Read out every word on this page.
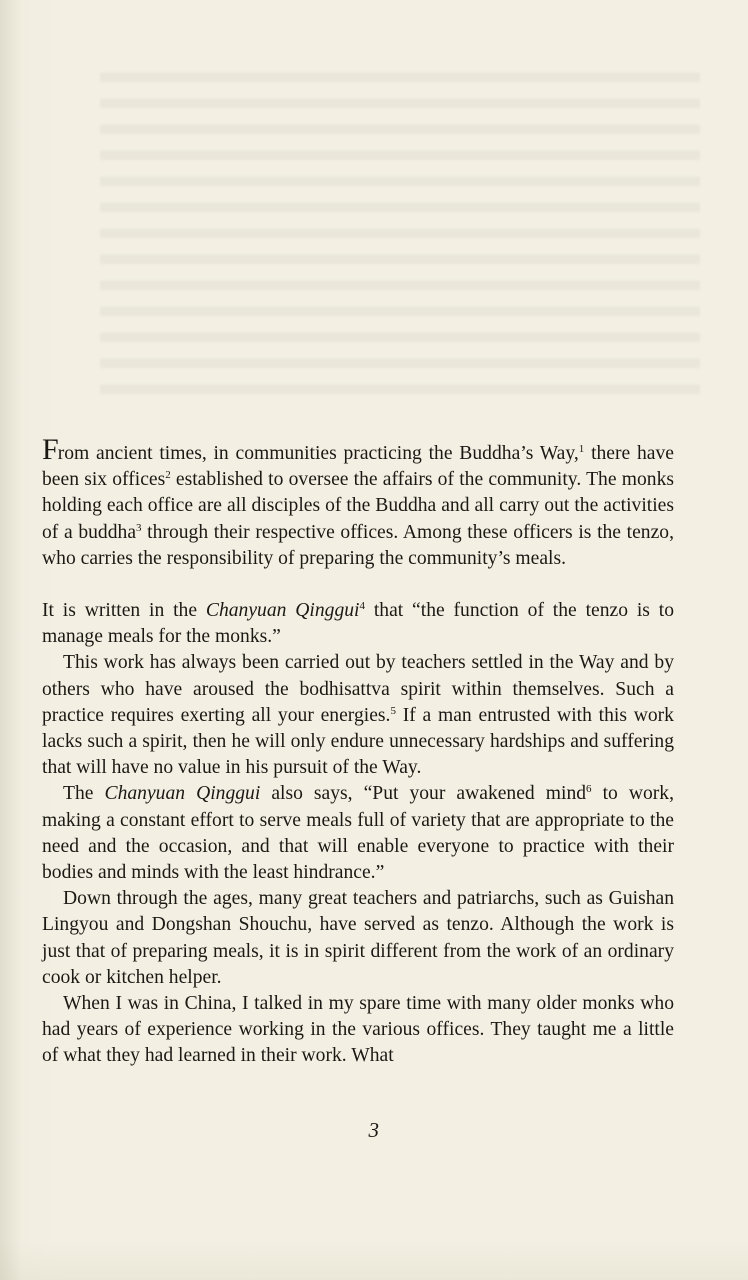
From ancient times, in communities practicing the Buddha’s Way,$^1$ there have been six offices$^2$ established to oversee the affairs of the community. The monks holding each office are all disciples of the Buddha and all carry out the activities of a buddha$^3$ through their respective offices. Among these officers is the tenzo, who carries the responsibility of preparing the community’s meals.

It is written in the Chanyuan Qinggui$^4$ that “the function of the tenzo is to manage meals for the monks.”

This work has always been carried out by teachers settled in the Way and by others who have aroused the bodhisattva spirit within themselves. Such a practice requires exerting all your energies.$^5$ If a man entrusted with this work lacks such a spirit, then he will only endure unnecessary hardships and suffering that will have no value in his pursuit of the Way.

The Chanyuan Qinggui also says, “Put your awakened mind$^6$ to work, making a constant effort to serve meals full of variety that are appropriate to the need and the occasion, and that will enable everyone to practice with their bodies and minds with the least hindrance.”

Down through the ages, many great teachers and patriarchs, such as Guishan Lingyou and Dongshan Shouchu, have served as tenzo. Although the work is just that of preparing meals, it is in spirit different from the work of an ordinary cook or kitchen helper.

When I was in China, I talked in my spare time with many older monks who had years of experience working in the various offices. They taught me a little of what they had learned in their work. What

3
